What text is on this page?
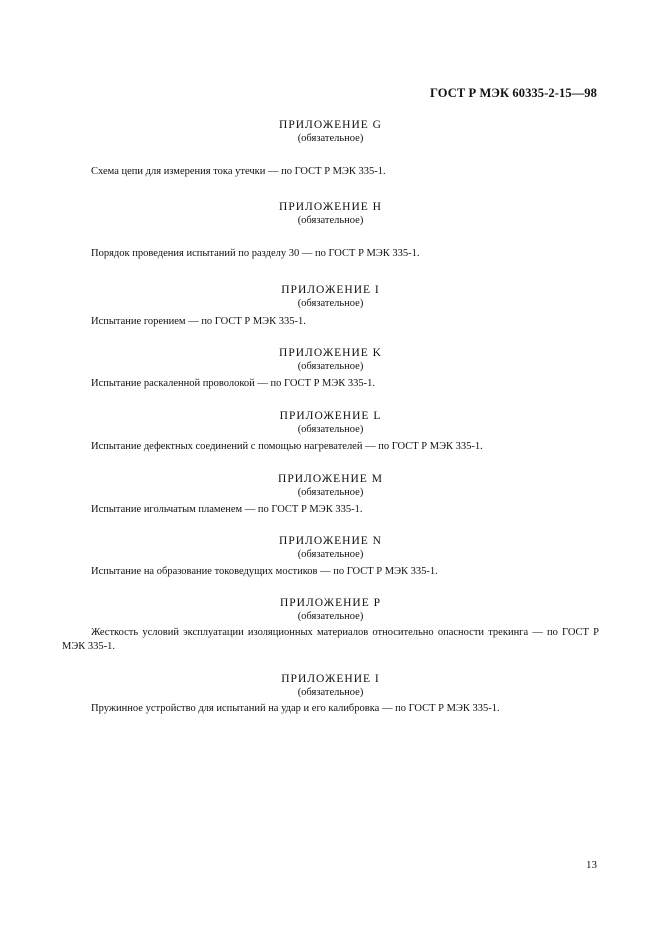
ГОСТ Р МЭК 60335-2-15—98
ПРИЛОЖЕНИЕ G
(обязательное)
Схема цепи для измерения тока утечки — по ГОСТ Р МЭК 335-1.
ПРИЛОЖЕНИЕ H
(обязательное)
Порядок проведения испытаний по разделу 30 — по ГОСТ Р МЭК 335-1.
ПРИЛОЖЕНИЕ I
(обязательное)
Испытание горением — по ГОСТ Р МЭК 335-1.
ПРИЛОЖЕНИЕ K
(обязательное)
Испытание раскаленной проволокой — по ГОСТ Р МЭК 335-1.
ПРИЛОЖЕНИЕ L
(обязательное)
Испытание дефектных соединений с помощью нагревателей — по ГОСТ Р МЭК 335-1.
ПРИЛОЖЕНИЕ M
(обязательное)
Испытание игольчатым пламенем — по ГОСТ Р МЭК 335-1.
ПРИЛОЖЕНИЕ N
(обязательное)
Испытание на образование токоведущих мостиков — по ГОСТ Р МЭК 335-1.
ПРИЛОЖЕНИЕ P
(обязательное)
Жесткость условий эксплуатации изоляционных материалов относительно опасности трекинга — по ГОСТ Р МЭК 335-1.
ПРИЛОЖЕНИЕ I
(обязательное)
Пружинное устройство для испытаний на удар и его калибровка — по ГОСТ Р МЭК 335-1.
13
